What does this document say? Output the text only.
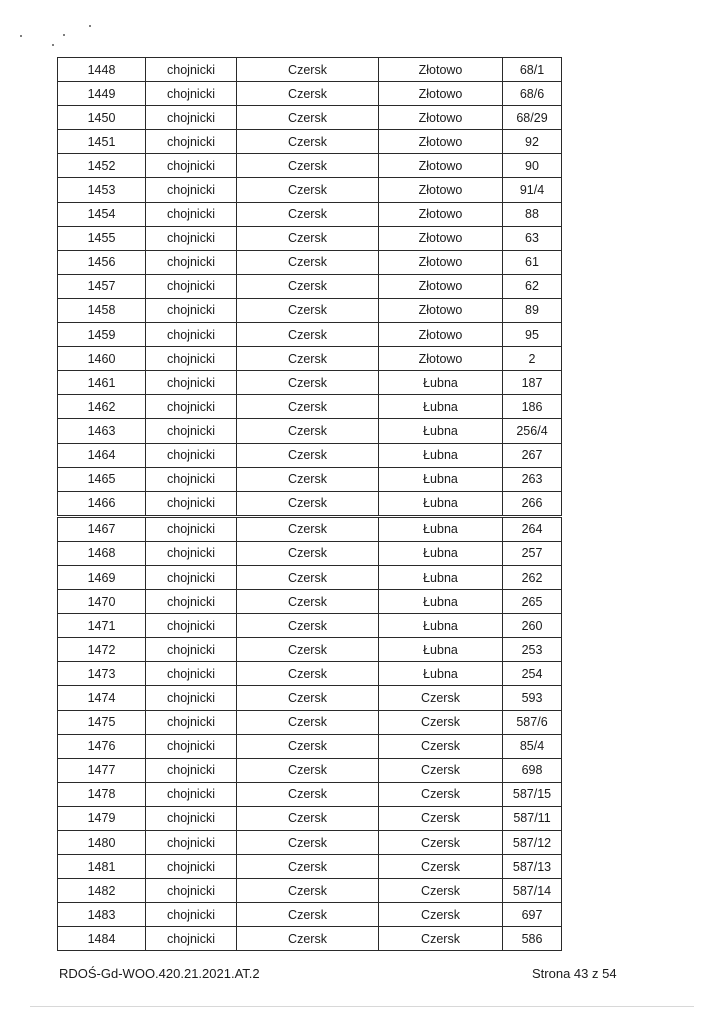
1448	chojnicki	Czersk	Złotowo	68/1
1449	chojnicki	Czersk	Złotowo	68/6
1450	chojnicki	Czersk	Złotowo	68/29
1451	chojnicki	Czersk	Złotowo	92
1452	chojnicki	Czersk	Złotowo	90
1453	chojnicki	Czersk	Złotowo	91/4
1454	chojnicki	Czersk	Złotowo	88
1455	chojnicki	Czersk	Złotowo	63
1456	chojnicki	Czersk	Złotowo	61
1457	chojnicki	Czersk	Złotowo	62
1458	chojnicki	Czersk	Złotowo	89
1459	chojnicki	Czersk	Złotowo	95
1460	chojnicki	Czersk	Złotowo	2
1461	chojnicki	Czersk	Łubna	187
1462	chojnicki	Czersk	Łubna	186
1463	chojnicki	Czersk	Łubna	256/4
1464	chojnicki	Czersk	Łubna	267
1465	chojnicki	Czersk	Łubna	263
1466	chojnicki	Czersk	Łubna	266
1467	chojnicki	Czersk	Łubna	264
1468	chojnicki	Czersk	Łubna	257
1469	chojnicki	Czersk	Łubna	262
1470	chojnicki	Czersk	Łubna	265
1471	chojnicki	Czersk	Łubna	260
1472	chojnicki	Czersk	Łubna	253
1473	chojnicki	Czersk	Łubna	254
1474	chojnicki	Czersk	Czersk	593
1475	chojnicki	Czersk	Czersk	587/6
1476	chojnicki	Czersk	Czersk	85/4
1477	chojnicki	Czersk	Czersk	698
1478	chojnicki	Czersk	Czersk	587/15
1479	chojnicki	Czersk	Czersk	587/11
1480	chojnicki	Czersk	Czersk	587/12
1481	chojnicki	Czersk	Czersk	587/13
1482	chojnicki	Czersk	Czersk	587/14
1483	chojnicki	Czersk	Czersk	697
1484	chojnicki	Czersk	Czersk	586
RDOŚ-Gd-WOO.420.21.2021.AT.2	Strona 43 z 54
